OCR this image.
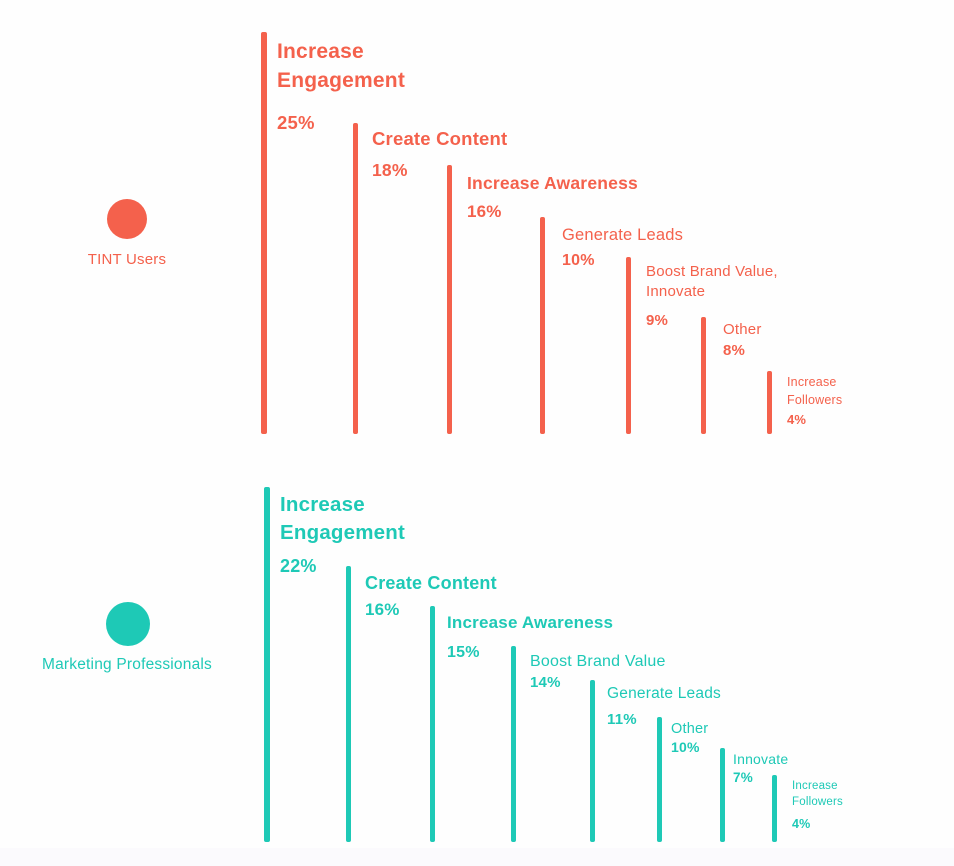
TINT Users
Increase
Engagement
25%
Create Content
18%
Increase Awareness
16%
Generate Leads
10%
Boost Brand Value,
Innovate
9%
Other
8%
Increase
Followers
4%
Marketing Professionals
Increase
Engagement
22%
Create Content
16%
Increase Awareness
15%
Boost Brand Value
14%
Generate Leads
11%
Other
10%
Innovate
7%
Increase
Followers
4%
